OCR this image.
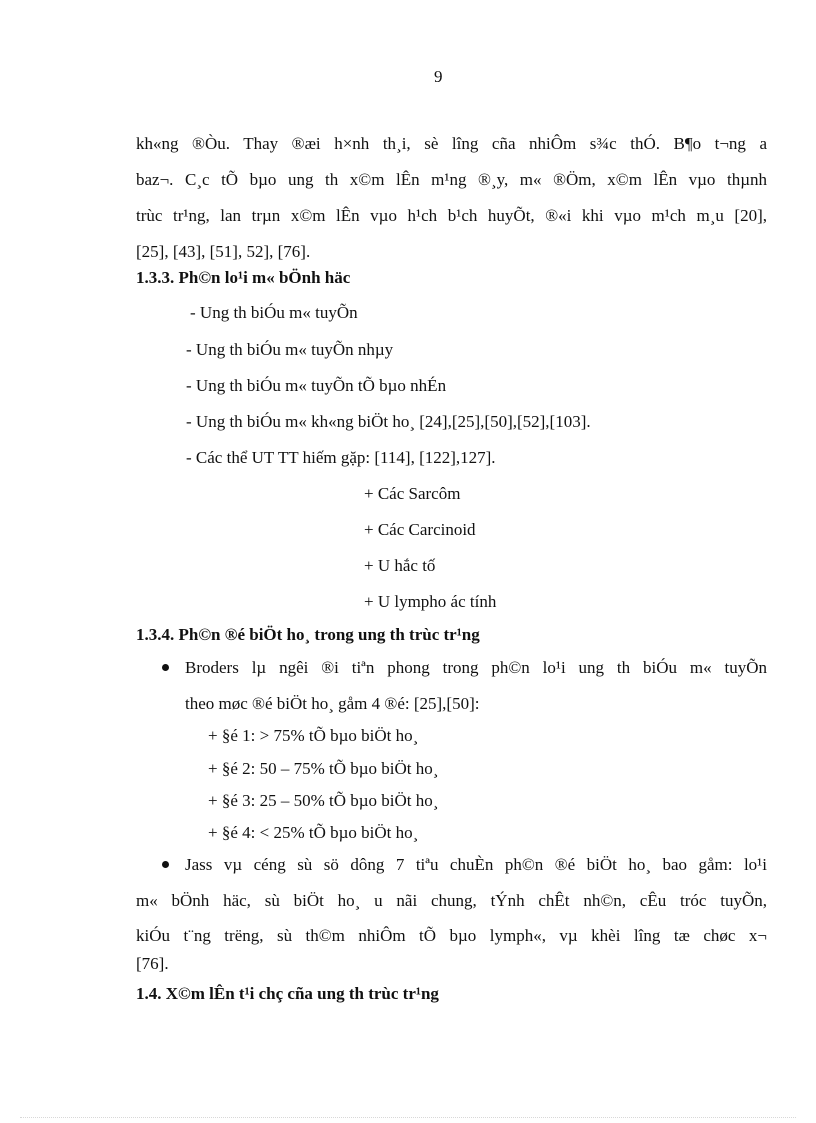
9
kh«ng ®Òu. Thay ®æi h×nh th¸i, sè lîng cña nhiÔm s¾c thÓ. B¶o t¬ng a
baz¬. C¸c tÕ bµo ung th x©m lÊn m¹ng ®¸y, m« ®Öm, x©m lÊn vµo thµnh
trùc tr¹ng, lan trµn x©m lÊn vµo h¹ch b¹ch huyÕt, ®«i khi vµo m¹ch m¸u [20],
[25], [43], [51], 52], [76].
1.3.3. Ph©n lo¹i m« bÖnh häc
- Ung th biÓu m« tuyÕn
- Ung th biÓu m« tuyÕn nhµy
- Ung th biÓu m« tuyÕn tÕ bµo nhÉn
- Ung th biÓu m« kh«ng biÖt ho¸ [24],[25],[50],[52],[103].
- Các thể UT TT hiếm gặp: [114], [122],127].
+ Các Sarcôm
+ Các Carcinoid
+ U hắc tố
+ U lympho ác tính
1.3.4. Ph©n ®é biÖt ho¸ trong ung th trùc tr¹ng
Broders lµ ngêi ®i tiªn phong trong ph©n lo¹i ung th biÓu m« tuyÕn
theo møc ®é biÖt ho¸ gåm 4 ®é: [25],[50]:
+ §é 1: > 75% tÕ bµo biÖt ho¸
+ §é 2: 50 – 75% tÕ bµo biÖt ho¸
+ §é 3: 25 – 50% tÕ bµo biÖt ho¸
+ §é 4: < 25% tÕ bµo biÖt ho¸
Jass vµ céng sù sö dông 7 tiªu chuÈn ph©n ®é biÖt ho¸ bao gåm: lo¹i
m« bÖnh häc, sù biÖt ho¸ u nãi chung, tÝnh chÊt nh©n, cÊu tróc tuyÕn,
kiÓu t¨ng trëng, sù th©m nhiÔm tÕ bµo lymph«, vµ khèi lîng tæ chøc x¬
[76].
1.4. X©m lÊn t¹i chç cña ung th trùc tr¹ng
